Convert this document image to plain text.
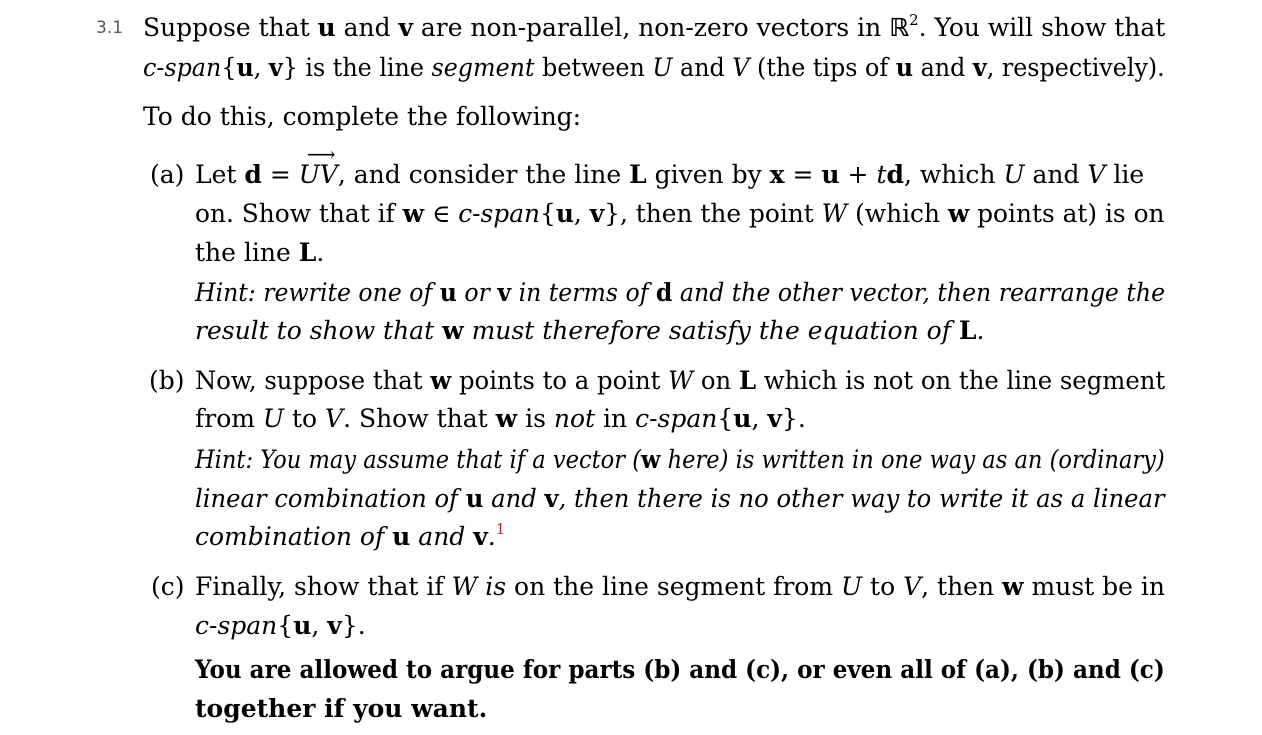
3.1 Suppose that u and v are non-parallel, non-zero vectors in ℝ$^2$. You will show that
c-span{u, v} is the line segment between U and V (the tips of u and v, respectively).
To do this, complete the following:
(a) Let d =
⟶
UV, and consider the line L given by x = u + td, which U and V lie
on. Show that if w ∈ c-span{u, v}, then the point W (which w points at) is on
the line L.
Hint: rewrite one of u or v in terms of d and the other vector, then rearrange the
result to show that w must therefore satisfy the equation of L.
(b) Now, suppose that w points to a point W on L which is not on the line segment
from U to V. Show that w is not in c-span{u, v}.
Hint: You may assume that if a vector (w here) is written in one way as an (ordinary)
linear combination of u and v, then there is no other way to write it as a linear
combination of u and v.$^1$
(c) Finally, show that if W is on the line segment from U to V, then w must be in
c-span{u, v}.
You are allowed to argue for parts (b) and (c), or even all of (a), (b) and (c)
together if you want.
